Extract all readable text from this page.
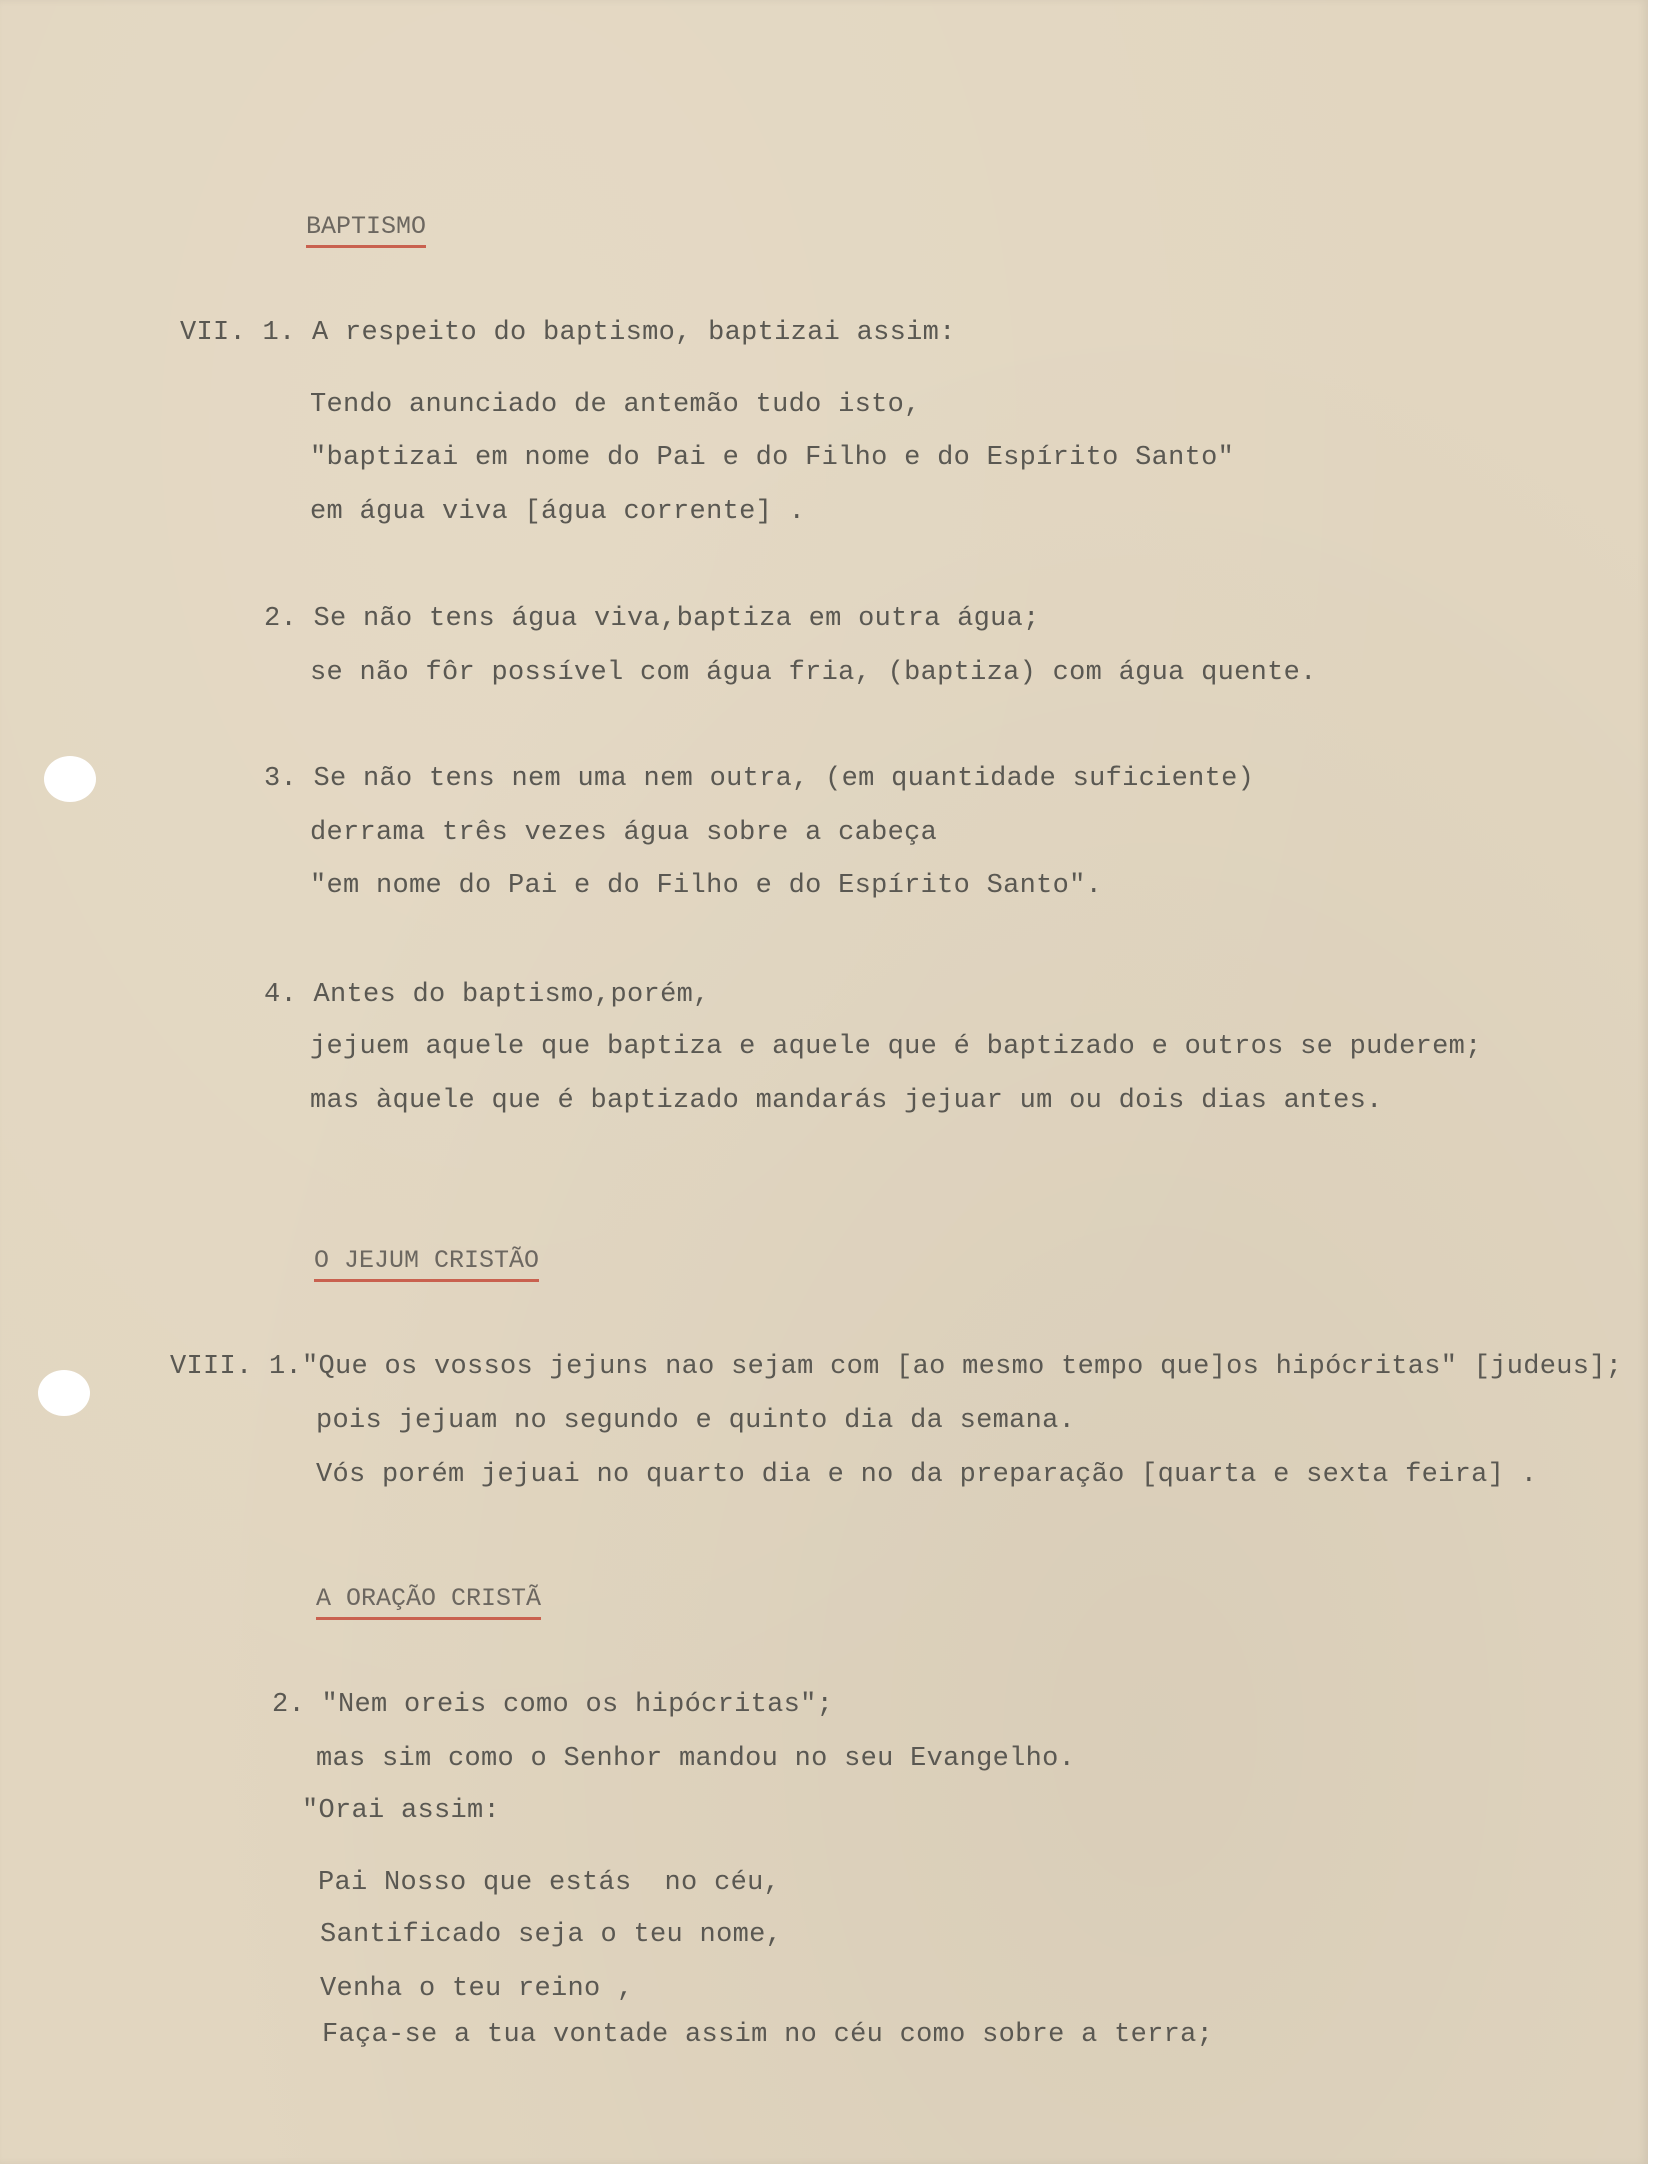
BAPTISMO
VII. 1. A respeito do baptismo, baptizai assim:
Tendo anunciado de antemão tudo isto,
"baptizai em nome do Pai e do Filho e do Espírito Santo"
em água viva [água corrente] .
2. Se não tens água viva,baptiza em outra água;
se não fôr possível com água fria, (baptiza) com água quente.
3. Se não tens nem uma nem outra, (em quantidade suficiente)
derrama três vezes água sobre a cabeça
"em nome do Pai e do Filho e do Espírito Santo".
4. Antes do baptismo,porém,
jejuem aquele que baptiza e aquele que é baptizado e outros se puderem;
mas àquele que é baptizado mandarás jejuar um ou dois dias antes.
O JEJUM CRISTÃO
VIII. 1."Que os vossos jejuns nao sejam com [ao mesmo tempo que]os hipócritas" [judeus];
pois jejuam no segundo e quinto dia da semana.
Vós porém jejuai no quarto dia e no da preparação [quarta e sexta feira] .
A ORAÇÃO CRISTÃ
2. "Nem oreis como os hipócritas";
mas sim como o Senhor mandou no seu Evangelho.
"Orai assim:
Pai Nosso que estás  no céu,
Santificado seja o teu nome,
Venha o teu reino ,
Faça-se a tua vontade assim no céu como sobre a terra;
